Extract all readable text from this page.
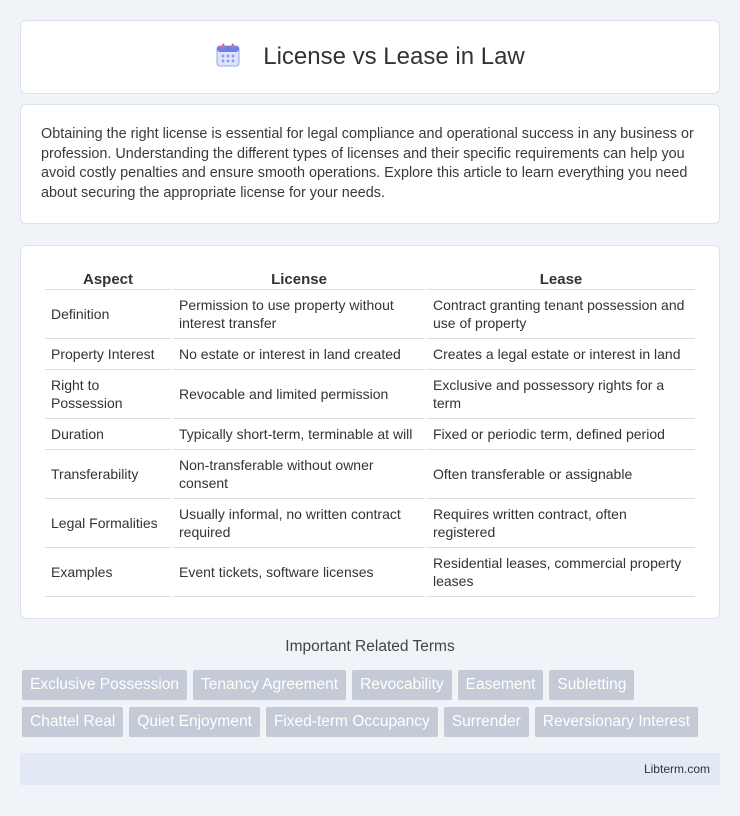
License vs Lease in Law

Obtaining the right license is essential for legal compliance and operational success in any business or profession. Understanding the different types of licenses and their specific requirements can help you avoid costly penalties and ensure smooth operations. Explore this article to learn everything you need about securing the appropriate license for your needs.

Aspect	License	Lease
Definition	Permission to use property without interest transfer	Contract granting tenant possession and use of property
Property Interest	No estate or interest in land created	Creates a legal estate or interest in land
Right to Possession	Revocable and limited permission	Exclusive and possessory rights for a term
Duration	Typically short-term, terminable at will	Fixed or periodic term, defined period
Transferability	Non-transferable without owner consent	Often transferable or assignable
Legal Formalities	Usually informal, no written contract required	Requires written contract, often registered
Examples	Event tickets, software licenses	Residential leases, commercial property leases
Important Related Terms
Exclusive Possession	Tenancy Agreement	Revocability	Easement	Subletting
Chattel Real	Quiet Enjoyment	Fixed-term Occupancy	Surrender	Reversionary Interest
Libterm.com
